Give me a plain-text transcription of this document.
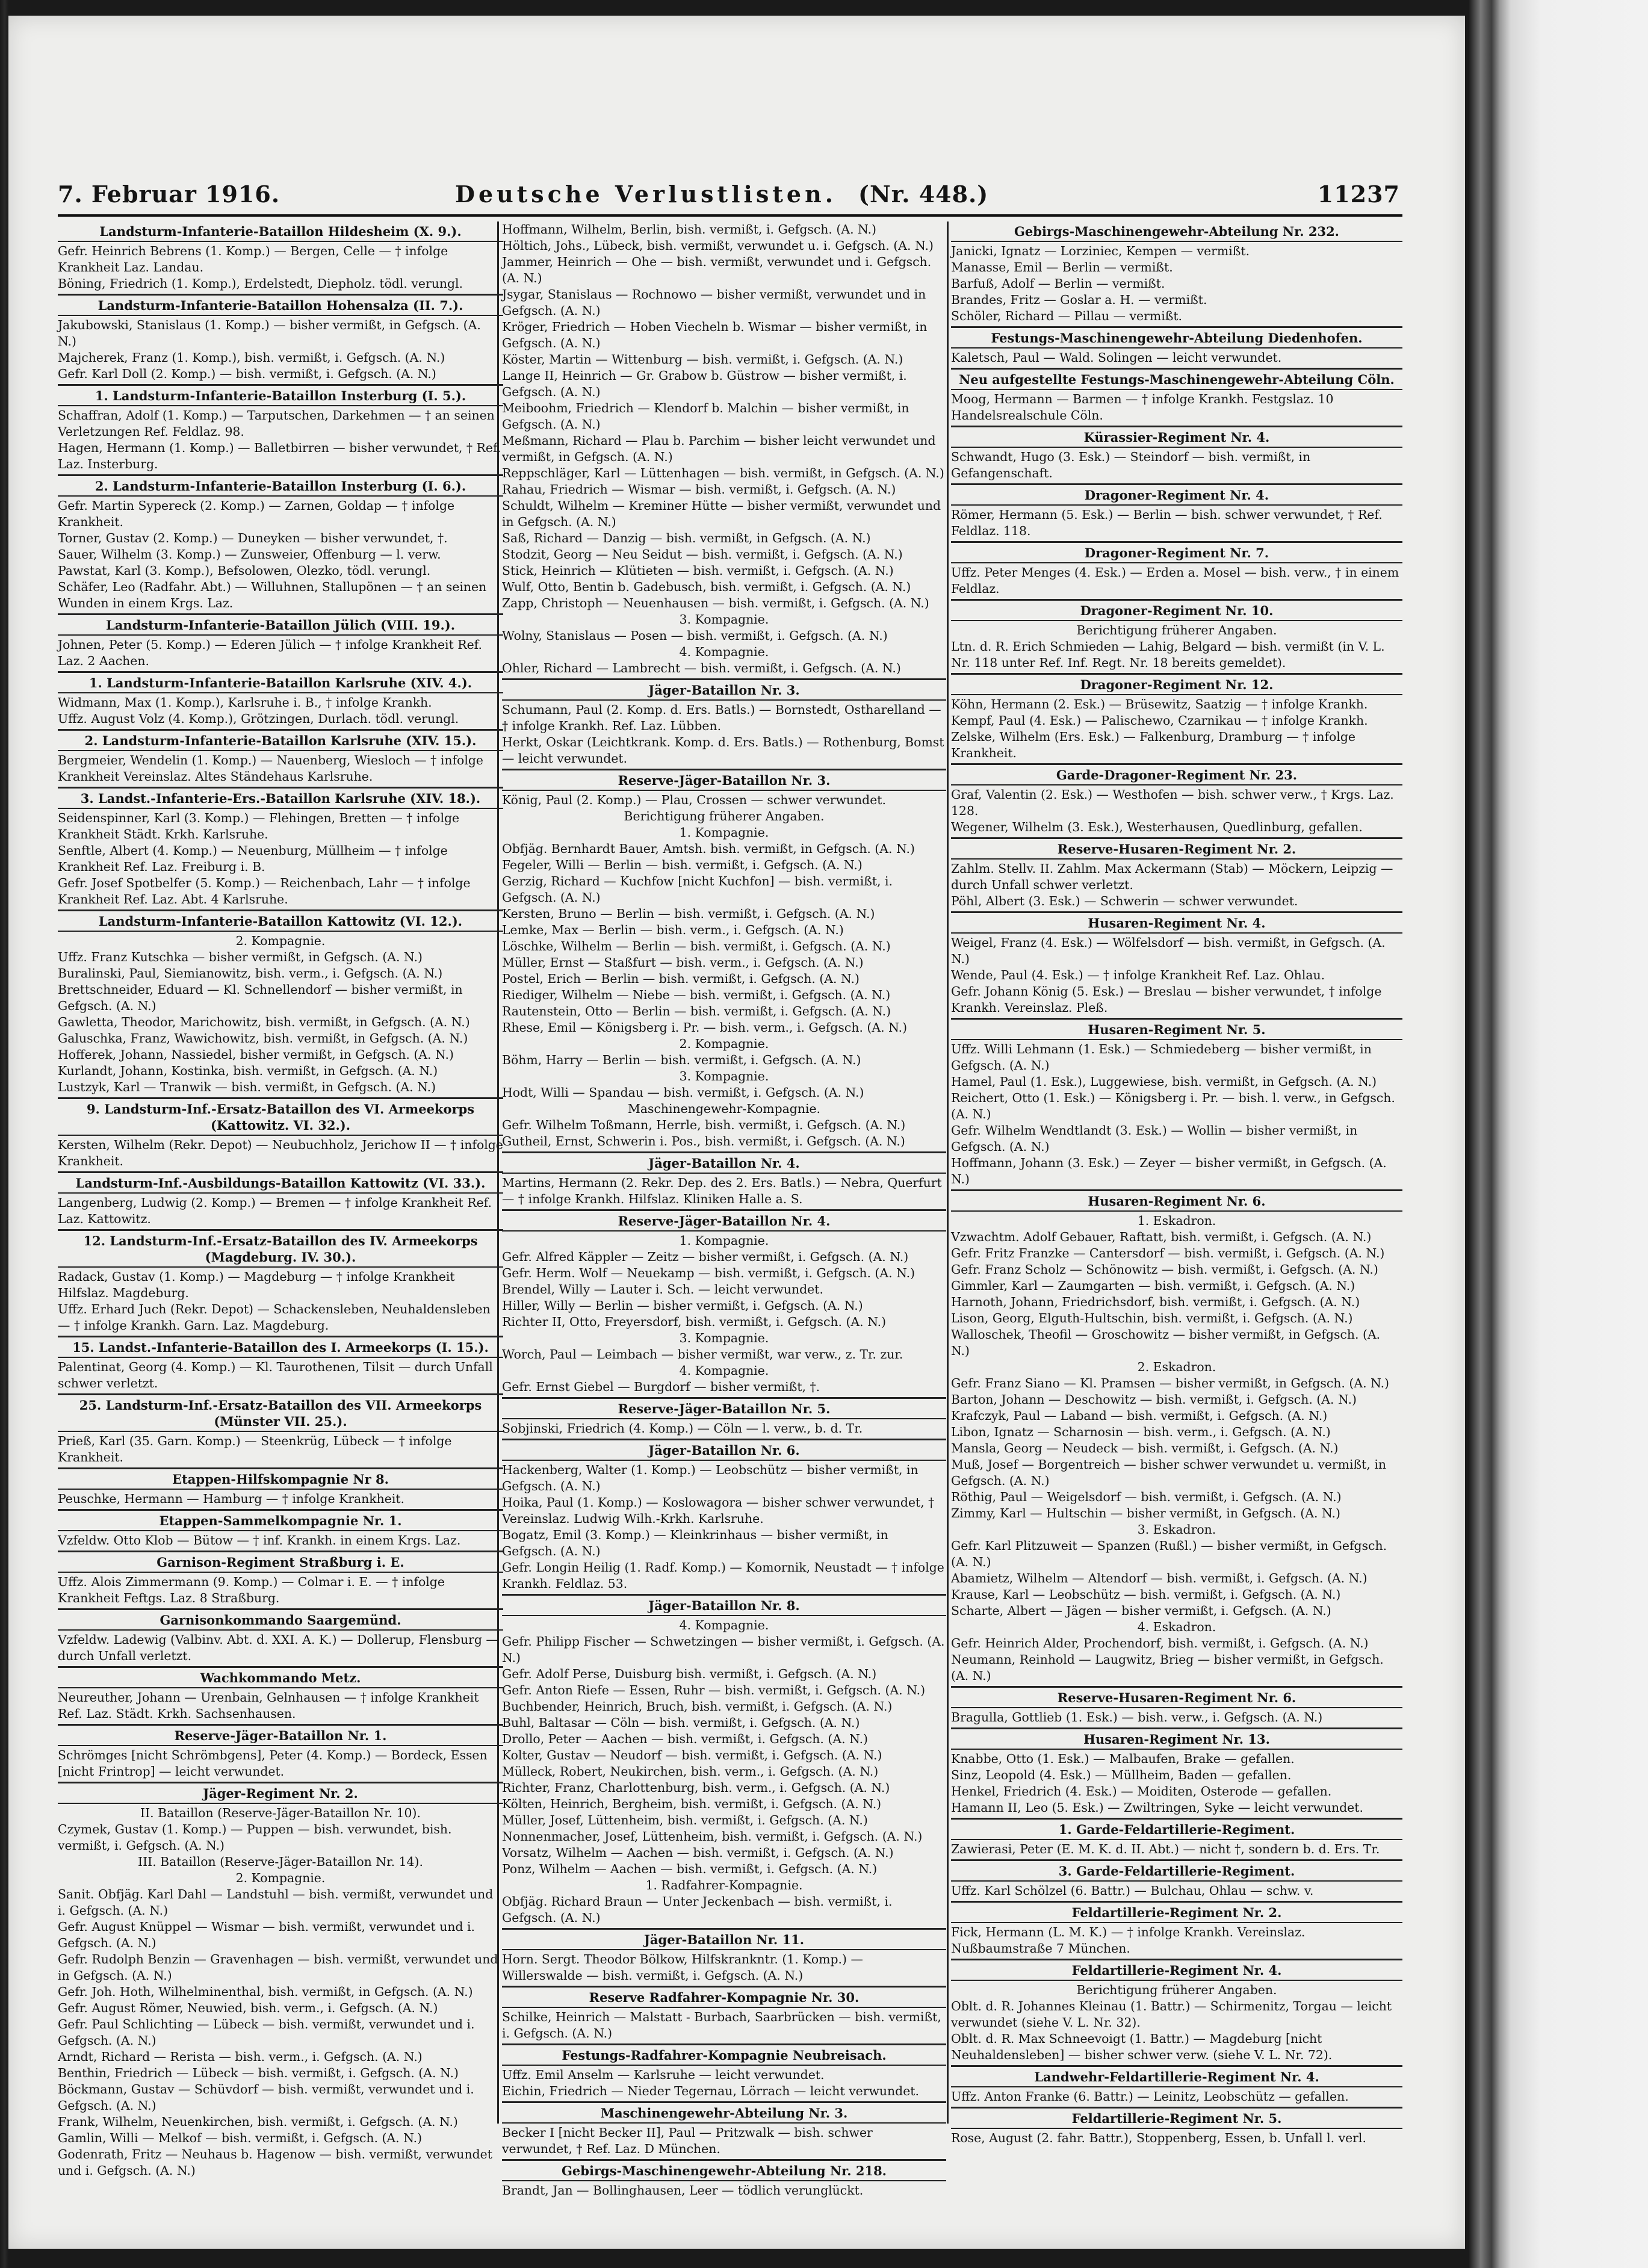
7. Februar 1916.	Deutsche Verlustlisten. (Nr. 448.)	11237
Landsturm-Infanterie-Bataillon Hildesheim (X. 9.).
Gefr. Heinrich Bebrens (1. Komp.) — Bergen, Celle — † infolge Krankheit Laz. Landau.
Böning, Friedrich (1. Komp.), Erdelstedt, Diepholz. tödl. verungl.
Landsturm-Infanterie-Bataillon Hohensalza (II. 7.).
Jakubowski, Stanislaus (1. Komp.) — bisher vermißt, in Gefgsch. (A. N.)
Majcherek, Franz (1. Komp.), bish. vermißt, i. Gefgsch. (A. N.)
Gefr. Karl Doll (2. Komp.) — bish. vermißt, i. Gefgsch. (A. N.)
1. Landsturm-Infanterie-Bataillon Insterburg (I. 5.).
Schaffran, Adolf (1. Komp.) — Tarputschen, Darkehmen — † an seinen Verletzungen Ref. Feldlaz. 98.
Hagen, Hermann (1. Komp.) — Balletbirren — bisher verwundet, † Ref. Laz. Insterburg.
2. Landsturm-Infanterie-Bataillon Insterburg (I. 6.).
Gefr. Martin Sypereck (2. Komp.) — Zarnen, Goldap — † infolge Krankheit.
Torner, Gustav (2. Komp.) — Duneyken — bisher verwundet, †.
Sauer, Wilhelm (3. Komp.) — Zunsweier, Offenburg — l. verw.
Pawstat, Karl (3. Komp.), Befsolowen, Olezko, tödl. verungl.
Schäfer, Leo (Radfahr. Abt.) — Willuhnen, Stallupönen — † an seinen Wunden in einem Krgs. Laz.
Landsturm-Infanterie-Bataillon Jülich (VIII. 19.).
Johnen, Peter (5. Komp.) — Ederen Jülich — † infolge Krankheit Ref. Laz. 2 Aachen.
1. Landsturm-Infanterie-Bataillon Karlsruhe (XIV. 4.).
Widmann, Max (1. Komp.), Karlsruhe i. B., † infolge Krankh.
Uffz. August Volz (4. Komp.), Grötzingen, Durlach. tödl. verungl.
2. Landsturm-Infanterie-Bataillon Karlsruhe (XIV. 15.).
Bergmeier, Wendelin (1. Komp.) — Nauenberg, Wiesloch — † infolge Krankheit Vereinslaz. Altes Ständehaus Karlsruhe.
3. Landst.-Infanterie-Ers.-Bataillon Karlsruhe (XIV. 18.).
Seidenspinner, Karl (3. Komp.) — Flehingen, Bretten — † infolge Krankheit Städt. Krkh. Karlsruhe.
Senftle, Albert (4. Komp.) — Neuenburg, Müllheim — † infolge Krankheit Ref. Laz. Freiburg i. B.
Gefr. Josef Spotbelfer (5. Komp.) — Reichenbach, Lahr — † infolge Krankheit Ref. Laz. Abt. 4 Karlsruhe.
Landsturm-Infanterie-Bataillon Kattowitz (VI. 12.).
2. Kompagnie.
Uffz. Franz Kutschka — bisher vermißt, in Gefgsch. (A. N.)
Buralinski, Paul, Siemianowitz, bish. verm., i. Gefgsch. (A. N.)
Brettschneider, Eduard — Kl. Schnellendorf — bisher vermißt, in Gefgsch. (A. N.)
Gawletta, Theodor, Marichowitz, bish. vermißt, in Gefgsch. (A. N.)
Galuschka, Franz, Wawichowitz, bish. vermißt, in Gefgsch. (A. N.)
Hofferek, Johann, Nassiedel, bisher vermißt, in Gefgsch. (A. N.)
Kurlandt, Johann, Kostinka, bish. vermißt, in Gefgsch. (A. N.)
Lustzyk, Karl — Tranwik — bish. vermißt, in Gefgsch. (A. N.)
9. Landsturm-Inf.-Ersatz-Bataillon des VI. Armeekorps (Kattowitz. VI. 32.).
Kersten, Wilhelm (Rekr. Depot) — Neubuchholz, Jerichow II — † infolge Krankheit.
Landsturm-Inf.-Ausbildungs-Bataillon Kattowitz (VI. 33.).
Langenberg, Ludwig (2. Komp.) — Bremen — † infolge Krankheit Ref. Laz. Kattowitz.
12. Landsturm-Inf.-Ersatz-Bataillon des IV. Armeekorps (Magdeburg. IV. 30.).
Radack, Gustav (1. Komp.) — Magdeburg — † infolge Krankheit Hilfslaz. Magdeburg.
Uffz. Erhard Juch (Rekr. Depot) — Schackensleben, Neuhaldensleben — † infolge Krankh. Garn. Laz. Magdeburg.
15. Landst.-Infanterie-Bataillon des I. Armeekorps (I. 15.).
Palentinat, Georg (4. Komp.) — Kl. Taurothenen, Tilsit — durch Unfall schwer verletzt.
25. Landsturm-Inf.-Ersatz-Bataillon des VII. Armeekorps (Münster VII. 25.).
Prieß, Karl (35. Garn. Komp.) — Steenkrüg, Lübeck — † infolge Krankheit.
Etappen-Hilfskompagnie Nr 8.
Peuschke, Hermann — Hamburg — † infolge Krankheit.
Etappen-Sammelkompagnie Nr. 1.
Vzfeldw. Otto Klob — Bütow — † inf. Krankh. in einem Krgs. Laz.
Garnison-Regiment Straßburg i. E.
Uffz. Alois Zimmermann (9. Komp.) — Colmar i. E. — † infolge Krankheit Feftgs. Laz. 8 Straßburg.
Garnisonkommando Saargemünd.
Vzfeldw. Ladewig (Valbinv. Abt. d. XXI. A. K.) — Dollerup, Flensburg — durch Unfall verletzt.
Wachkommando Metz.
Neureuther, Johann — Urenbain, Gelnhausen — † infolge Krankheit Ref. Laz. Städt. Krkh. Sachsenhausen.
Reserve-Jäger-Bataillon Nr. 1.
Schrömges [nicht Schrömbgens], Peter (4. Komp.) — Bordeck, Essen [nicht Frintrop] — leicht verwundet.
Jäger-Regiment Nr. 2.
II. Bataillon (Reserve-Jäger-Bataillon Nr. 10).
Czymek, Gustav (1. Komp.) — Puppen — bish. verwundet, bish. vermißt, i. Gefgsch. (A. N.)
III. Bataillon (Reserve-Jäger-Bataillon Nr. 14).
2. Kompagnie.
Sanit. Obfjäg. Karl Dahl — Landstuhl — bish. vermißt, verwundet und i. Gefgsch. (A. N.)
Gefr. August Knüppel — Wismar — bish. vermißt, verwundet und i. Gefgsch. (A. N.)
Gefr. Rudolph Benzin — Gravenhagen — bish. vermißt, verwundet und in Gefgsch. (A. N.)
Gefr. Joh. Hoth, Wilhelminenthal, bish. vermißt, in Gefgsch. (A. N.)
Gefr. August Römer, Neuwied, bish. verm., i. Gefgsch. (A. N.)
Gefr. Paul Schlichting — Lübeck — bish. vermißt, verwundet und i. Gefgsch. (A. N.)
Arndt, Richard — Rerista — bish. verm., i. Gefgsch. (A. N.)
Benthin, Friedrich — Lübeck — bish. vermißt, i. Gefgsch. (A. N.)
Böckmann, Gustav — Schüvdorf — bish. vermißt, verwundet und i. Gefgsch. (A. N.)
Frank, Wilhelm, Neuenkirchen, bish. vermißt, i. Gefgsch. (A. N.)
Gamlin, Willi — Melkof — bish. vermißt, i. Gefgsch. (A. N.)
Godenrath, Fritz — Neuhaus b. Hagenow — bish. vermißt, verwundet und i. Gefgsch. (A. N.)
Hoffmann, Wilhelm, Berlin, bish. vermißt, i. Gefgsch. (A. N.)
Höltich, Johs., Lübeck, bish. vermißt, verwundet u. i. Gefgsch. (A. N.)
Jammer, Heinrich — Ohe — bish. vermißt, verwundet und i. Gefgsch. (A. N.)
Jsygar, Stanislaus — Rochnowo — bisher vermißt, verwundet und in Gefgsch. (A. N.)
Kröger, Friedrich — Hoben Viecheln b. Wismar — bisher vermißt, in Gefgsch. (A. N.)
Köster, Martin — Wittenburg — bish. vermißt, i. Gefgsch. (A. N.)
Lange II, Heinrich — Gr. Grabow b. Güstrow — bisher vermißt, i. Gefgsch. (A. N.)
Meiboohm, Friedrich — Klendorf b. Malchin — bisher vermißt, in Gefgsch. (A. N.)
Meßmann, Richard — Plau b. Parchim — bisher leicht verwundet und vermißt, in Gefgsch. (A. N.)
Reppschläger, Karl — Lüttenhagen — bish. vermißt, in Gefgsch. (A. N.)
Rahau, Friedrich — Wismar — bish. vermißt, i. Gefgsch. (A. N.)
Schuldt, Wilhelm — Kreminer Hütte — bisher vermißt, verwundet und in Gefgsch. (A. N.)
Saß, Richard — Danzig — bish. vermißt, in Gefgsch. (A. N.)
Stodzit, Georg — Neu Seidut — bish. vermißt, i. Gefgsch. (A. N.)
Stick, Heinrich — Klütieten — bish. vermißt, i. Gefgsch. (A. N.)
Wulf, Otto, Bentin b. Gadebusch, bish. vermißt, i. Gefgsch. (A. N.)
Zapp, Christoph — Neuenhausen — bish. vermißt, i. Gefgsch. (A. N.)
3. Kompagnie.
Wolny, Stanislaus — Posen — bish. vermißt, i. Gefgsch. (A. N.)
4. Kompagnie.
Ohler, Richard — Lambrecht — bish. vermißt, i. Gefgsch. (A. N.)
Jäger-Bataillon Nr. 3.
Schumann, Paul (2. Komp. d. Ers. Batls.) — Bornstedt, Ostharelland — † infolge Krankh. Ref. Laz. Lübben.
Herkt, Oskar (Leichtkrank. Komp. d. Ers. Batls.) — Rothenburg, Bomst — leicht verwundet.
Reserve-Jäger-Bataillon Nr. 3.
König, Paul (2. Komp.) — Plau, Crossen — schwer verwundet.
Berichtigung früherer Angaben.
1. Kompagnie.
Obfjäg. Bernhardt Bauer, Amtsh. bish. vermißt, in Gefgsch. (A. N.)
Fegeler, Willi — Berlin — bish. vermißt, i. Gefgsch. (A. N.)
Gerzig, Richard — Kuchfow [nicht Kuchfon] — bish. vermißt, i. Gefgsch. (A. N.)
Kersten, Bruno — Berlin — bish. vermißt, i. Gefgsch. (A. N.)
Lemke, Max — Berlin — bish. verm., i. Gefgsch. (A. N.)
Löschke, Wilhelm — Berlin — bish. vermißt, i. Gefgsch. (A. N.)
Müller, Ernst — Staßfurt — bish. verm., i. Gefgsch. (A. N.)
Postel, Erich — Berlin — bish. vermißt, i. Gefgsch. (A. N.)
Riediger, Wilhelm — Niebe — bish. vermißt, i. Gefgsch. (A. N.)
Rautenstein, Otto — Berlin — bish. vermißt, i. Gefgsch. (A. N.)
Rhese, Emil — Königsberg i. Pr. — bish. verm., i. Gefgsch. (A. N.)
2. Kompagnie.
Böhm, Harry — Berlin — bish. vermißt, i. Gefgsch. (A. N.)
3. Kompagnie.
Hodt, Willi — Spandau — bish. vermißt, i. Gefgsch. (A. N.)
Maschinengewehr-Kompagnie.
Gefr. Wilhelm Toßmann, Herrle, bish. vermißt, i. Gefgsch. (A. N.)
Gutheil, Ernst, Schwerin i. Pos., bish. vermißt, i. Gefgsch. (A. N.)
Jäger-Bataillon Nr. 4.
Martins, Hermann (2. Rekr. Dep. des 2. Ers. Batls.) — Nebra, Querfurt — † infolge Krankh. Hilfslaz. Kliniken Halle a. S.
Reserve-Jäger-Bataillon Nr. 4.
1. Kompagnie.
Gefr. Alfred Käppler — Zeitz — bisher vermißt, i. Gefgsch. (A. N.)
Gefr. Herm. Wolf — Neuekamp — bish. vermißt, i. Gefgsch. (A. N.)
Brendel, Willy — Lauter i. Sch. — leicht verwundet.
Hiller, Willy — Berlin — bisher vermißt, i. Gefgsch. (A. N.)
Richter II, Otto, Freyersdorf, bish. vermißt, i. Gefgsch. (A. N.)
3. Kompagnie.
Worch, Paul — Leimbach — bisher vermißt, war verw., z. Tr. zur.
4. Kompagnie.
Gefr. Ernst Giebel — Burgdorf — bisher vermißt, †.
Reserve-Jäger-Bataillon Nr. 5.
Sobjinski, Friedrich (4. Komp.) — Cöln — l. verw., b. d. Tr.
Jäger-Bataillon Nr. 6.
Hackenberg, Walter (1. Komp.) — Leobschütz — bisher vermißt, in Gefgsch. (A. N.)
Hoika, Paul (1. Komp.) — Koslowagora — bisher schwer verwundet, † Vereinslaz. Ludwig Wilh.-Krkh. Karlsruhe.
Bogatz, Emil (3. Komp.) — Kleinkrinhaus — bisher vermißt, in Gefgsch. (A. N.)
Gefr. Longin Heilig (1. Radf. Komp.) — Komornik, Neustadt — † infolge Krankh. Feldlaz. 53.
Jäger-Bataillon Nr. 8.
4. Kompagnie.
Gefr. Philipp Fischer — Schwetzingen — bisher vermißt, i. Gefgsch. (A. N.)
Gefr. Adolf Perse, Duisburg bish. vermißt, i. Gefgsch. (A. N.)
Gefr. Anton Riefe — Essen, Ruhr — bish. vermißt, i. Gefgsch. (A. N.)
Buchbender, Heinrich, Bruch, bish. vermißt, i. Gefgsch. (A. N.)
Buhl, Baltasar — Cöln — bish. vermißt, i. Gefgsch. (A. N.)
Drollo, Peter — Aachen — bish. vermißt, i. Gefgsch. (A. N.)
Kolter, Gustav — Neudorf — bish. vermißt, i. Gefgsch. (A. N.)
Mülleck, Robert, Neukirchen, bish. verm., i. Gefgsch. (A. N.)
Richter, Franz, Charlottenburg, bish. verm., i. Gefgsch. (A. N.)
Költen, Heinrich, Bergheim, bish. vermißt, i. Gefgsch. (A. N.)
Müller, Josef, Lüttenheim, bish. vermißt, i. Gefgsch. (A. N.)
Nonnenmacher, Josef, Lüttenheim, bish. vermißt, i. Gefgsch. (A. N.)
Vorsatz, Wilhelm — Aachen — bish. vermißt, i. Gefgsch. (A. N.)
Ponz, Wilhelm — Aachen — bish. vermißt, i. Gefgsch. (A. N.)
1. Radfahrer-Kompagnie.
Obfjäg. Richard Braun — Unter Jeckenbach — bish. vermißt, i. Gefgsch. (A. N.)
Jäger-Bataillon Nr. 11.
Horn. Sergt. Theodor Bölkow, Hilfskrankntr. (1. Komp.) — Willerswalde — bish. vermißt, i. Gefgsch. (A. N.)
Reserve Radfahrer-Kompagnie Nr. 30.
Schilke, Heinrich — Malstatt - Burbach, Saarbrücken — bish. vermißt, i. Gefgsch. (A. N.)
Festungs-Radfahrer-Kompagnie Neubreisach.
Uffz. Emil Anselm — Karlsruhe — leicht verwundet.
Eichin, Friedrich — Nieder Tegernau, Lörrach — leicht verwundet.
Maschinengewehr-Abteilung Nr. 3.
Becker I [nicht Becker II], Paul — Pritzwalk — bish. schwer verwundet, † Ref. Laz. D München.
Gebirgs-Maschinengewehr-Abteilung Nr. 218.
Brandt, Jan — Bollinghausen, Leer — tödlich verunglückt.
Gebirgs-Maschinengewehr-Abteilung Nr. 232.
Janicki, Ignatz — Lorziniec, Kempen — vermißt.
Manasse, Emil — Berlin — vermißt.
Barfuß, Adolf — Berlin — vermißt.
Brandes, Fritz — Goslar a. H. — vermißt.
Schöler, Richard — Pillau — vermißt.
Festungs-Maschinengewehr-Abteilung Diedenhofen.
Kaletsch, Paul — Wald. Solingen — leicht verwundet.
Neu aufgestellte Festungs-Maschinengewehr-Abteilung Cöln.
Moog, Hermann — Barmen — † infolge Krankh. Festgslaz. 10 Handelsrealschule Cöln.
Kürassier-Regiment Nr. 4.
Schwandt, Hugo (3. Esk.) — Steindorf — bish. vermißt, in Gefangenschaft.
Dragoner-Regiment Nr. 4.
Römer, Hermann (5. Esk.) — Berlin — bish. schwer verwundet, † Ref. Feldlaz. 118.
Dragoner-Regiment Nr. 7.
Uffz. Peter Menges (4. Esk.) — Erden a. Mosel — bish. verw., † in einem Feldlaz.
Dragoner-Regiment Nr. 10.
Berichtigung früherer Angaben.
Ltn. d. R. Erich Schmieden — Lahig, Belgard — bish. vermißt (in V. L. Nr. 118 unter Ref. Inf. Regt. Nr. 18 bereits gemeldet).
Dragoner-Regiment Nr. 12.
Köhn, Hermann (2. Esk.) — Brüsewitz, Saatzig — † infolge Krankh.
Kempf, Paul (4. Esk.) — Palischewo, Czarnikau — † infolge Krankh.
Zelske, Wilhelm (Ers. Esk.) — Falkenburg, Dramburg — † infolge Krankheit.
Garde-Dragoner-Regiment Nr. 23.
Graf, Valentin (2. Esk.) — Westhofen — bish. schwer verw., † Krgs. Laz. 128.
Wegener, Wilhelm (3. Esk.), Westerhausen, Quedlinburg, gefallen.
Reserve-Husaren-Regiment Nr. 2.
Zahlm. Stellv. II. Zahlm. Max Ackermann (Stab) — Möckern, Leipzig — durch Unfall schwer verletzt.
Pöhl, Albert (3. Esk.) — Schwerin — schwer verwundet.
Husaren-Regiment Nr. 4.
Weigel, Franz (4. Esk.) — Wölfelsdorf — bish. vermißt, in Gefgsch. (A. N.)
Wende, Paul (4. Esk.) — † infolge Krankheit Ref. Laz. Ohlau.
Gefr. Johann König (5. Esk.) — Breslau — bisher verwundet, † infolge Krankh. Vereinslaz. Pleß.
Husaren-Regiment Nr. 5.
Uffz. Willi Lehmann (1. Esk.) — Schmiedeberg — bisher vermißt, in Gefgsch. (A. N.)
Hamel, Paul (1. Esk.), Luggewiese, bish. vermißt, in Gefgsch. (A. N.)
Reichert, Otto (1. Esk.) — Königsberg i. Pr. — bish. l. verw., in Gefgsch. (A. N.)
Gefr. Wilhelm Wendtlandt (3. Esk.) — Wollin — bisher vermißt, in Gefgsch. (A. N.)
Hoffmann, Johann (3. Esk.) — Zeyer — bisher vermißt, in Gefgsch. (A. N.)
Husaren-Regiment Nr. 6.
1. Eskadron.
Vzwachtm. Adolf Gebauer, Raftatt, bish. vermißt, i. Gefgsch. (A. N.)
Gefr. Fritz Franzke — Cantersdorf — bish. vermißt, i. Gefgsch. (A. N.)
Gefr. Franz Scholz — Schönowitz — bish. vermißt, i. Gefgsch. (A. N.)
Gimmler, Karl — Zaumgarten — bish. vermißt, i. Gefgsch. (A. N.)
Harnoth, Johann, Friedrichsdorf, bish. vermißt, i. Gefgsch. (A. N.)
Lison, Georg, Elguth-Hultschin, bish. vermißt, i. Gefgsch. (A. N.)
Walloschek, Theofil — Groschowitz — bisher vermißt, in Gefgsch. (A. N.)
2. Eskadron.
Gefr. Franz Siano — Kl. Pramsen — bisher vermißt, in Gefgsch. (A. N.)
Barton, Johann — Deschowitz — bish. vermißt, i. Gefgsch. (A. N.)
Krafczyk, Paul — Laband — bish. vermißt, i. Gefgsch. (A. N.)
Libon, Ignatz — Scharnosin — bish. verm., i. Gefgsch. (A. N.)
Mansla, Georg — Neudeck — bish. vermißt, i. Gefgsch. (A. N.)
Muß, Josef — Borgentreich — bisher schwer verwundet u. vermißt, in Gefgsch. (A. N.)
Röthig, Paul — Weigelsdorf — bish. vermißt, i. Gefgsch. (A. N.)
Zimmy, Karl — Hultschin — bisher vermißt, in Gefgsch. (A. N.)
3. Eskadron.
Gefr. Karl Plitzuweit — Spanzen (Rußl.) — bisher vermißt, in Gefgsch. (A. N.)
Abamietz, Wilhelm — Altendorf — bish. vermißt, i. Gefgsch. (A. N.)
Krause, Karl — Leobschütz — bish. vermißt, i. Gefgsch. (A. N.)
Scharte, Albert — Jägen — bisher vermißt, i. Gefgsch. (A. N.)
4. Eskadron.
Gefr. Heinrich Alder, Prochendorf, bish. vermißt, i. Gefgsch. (A. N.)
Neumann, Reinhold — Laugwitz, Brieg — bisher vermißt, in Gefgsch. (A. N.)
Reserve-Husaren-Regiment Nr. 6.
Bragulla, Gottlieb (1. Esk.) — bish. verw., i. Gefgsch. (A. N.)
Husaren-Regiment Nr. 13.
Knabbe, Otto (1. Esk.) — Malbaufen, Brake — gefallen.
Sinz, Leopold (4. Esk.) — Müllheim, Baden — gefallen.
Henkel, Friedrich (4. Esk.) — Moiditen, Osterode — gefallen.
Hamann II, Leo (5. Esk.) — Zwiltringen, Syke — leicht verwundet.
1. Garde-Feldartillerie-Regiment.
Zawierasi, Peter (E. M. K. d. II. Abt.) — nicht †, sondern b. d. Ers. Tr.
3. Garde-Feldartillerie-Regiment.
Uffz. Karl Schölzel (6. Battr.) — Bulchau, Ohlau — schw. v.
Feldartillerie-Regiment Nr. 2.
Fick, Hermann (L. M. K.) — † infolge Krankh. Vereinslaz. Nußbaumstraße 7 München.
Feldartillerie-Regiment Nr. 4.
Berichtigung früherer Angaben.
Oblt. d. R. Johannes Kleinau (1. Battr.) — Schirmenitz, Torgau — leicht verwundet (siehe V. L. Nr. 32).
Oblt. d. R. Max Schneevoigt (1. Battr.) — Magdeburg [nicht Neuhaldensleben] — bisher schwer verw. (siehe V. L. Nr. 72).
Landwehr-Feldartillerie-Regiment Nr. 4.
Uffz. Anton Franke (6. Battr.) — Leinitz, Leobschütz — gefallen.
Feldartillerie-Regiment Nr. 5.
Rose, August (2. fahr. Battr.), Stoppenberg, Essen, b. Unfall l. verl.
